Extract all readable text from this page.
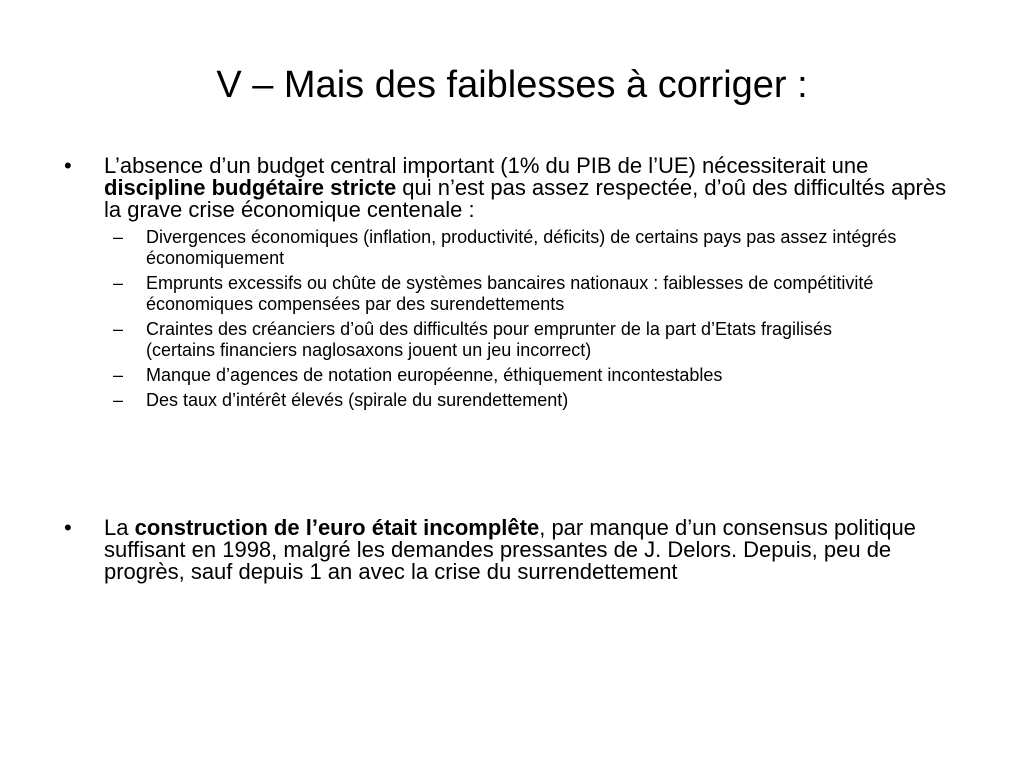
V – Mais des faiblesses à corriger :
•	L’absence d’un budget central important (1% du PIB de l’UE) nécessiterait une discipline budgétaire stricte qui n’est pas assez respectée, d’oû des difficultés après la grave crise économique centenale :
–	Divergences économiques (inflation, productivité, déficits) de certains pays pas assez intégrés économiquement
–	Emprunts excessifs ou chûte de systèmes bancaires nationaux : faiblesses de compétitivité économiques compensées par des surendettements
–	Craintes des créanciers d’oû des difficultés pour emprunter de la part d’Etats fragilisés (certains financiers naglosaxons jouent un jeu incorrect)
–	Manque d’agences de notation européenne, éthiquement incontestables
–	Des taux d’intérêt élevés (spirale du surendettement)
•	La construction de l’euro était incomplête, par manque d’un consensus politique suffisant en 1998, malgré les demandes pressantes de J. Delors. Depuis, peu de progrès, sauf depuis 1 an avec la crise du surrendettement
